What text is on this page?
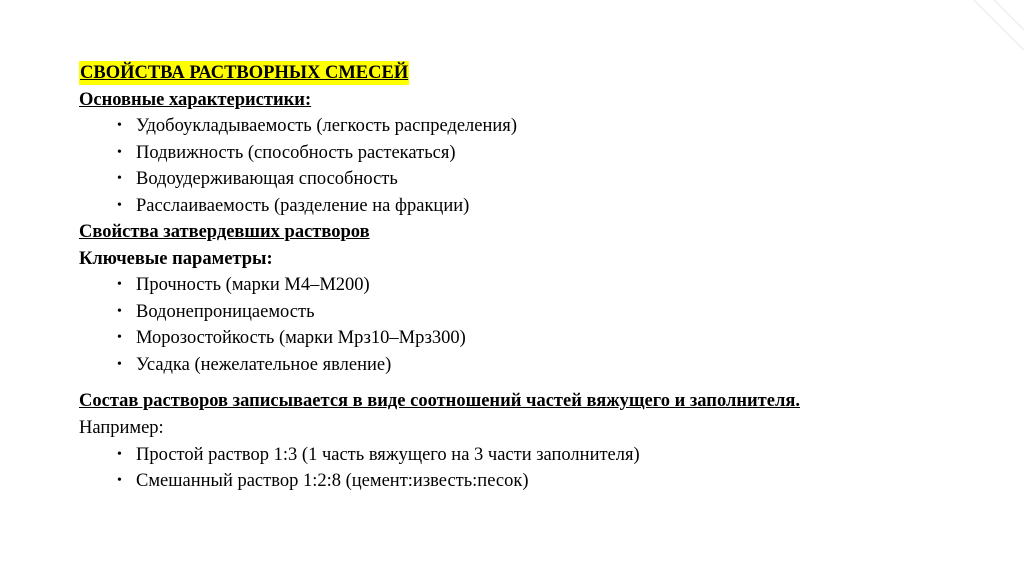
СВОЙСТВА РАСТВОРНЫХ СМЕСЕЙ
Основные характеристики:
• Удобоукладываемость (легкость распределения)
• Подвижность (способность растекаться)
• Водоудерживающая способность
• Расслаиваемость (разделение на фракции)
Свойства затвердевших растворов
Ключевые параметры:
• Прочность (марки М4–М200)
• Водонепроницаемость
• Морозостойкость (марки Мрз10–Мрз300)
• Усадка (нежелательное явление)
Состав растворов записывается в виде соотношений частей вяжущего и заполнителя.
Например:
• Простой раствор 1:3 (1 часть вяжущего на 3 части заполнителя)
• Смешанный раствор 1:2:8 (цемент:известь:песок)
